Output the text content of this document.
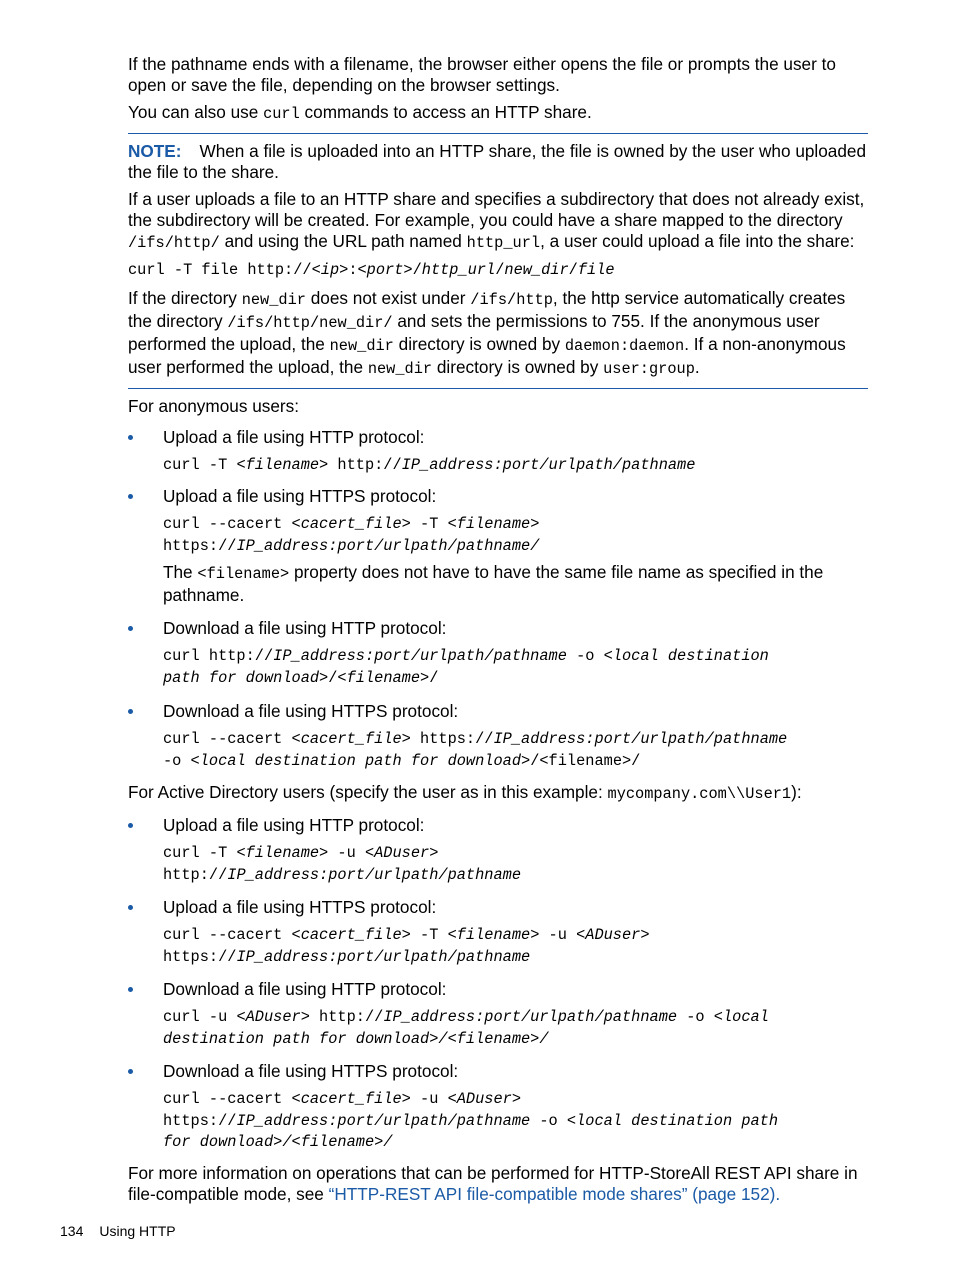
If the pathname ends with a filename, the browser either opens the file or prompts the user to open or save the file, depending on the browser settings.

You can also use curl commands to access an HTTP share.

NOTE: When a file is uploaded into an HTTP share, the file is owned by the user who uploaded the file to the share.

If a user uploads a file to an HTTP share and specifies a subdirectory that does not already exist, the subdirectory will be created. For example, you could have a share mapped to the directory /ifs/http/ and using the URL path named http_url, a user could upload a file into the share:

curl -T file http://<ip>:<port>/http_url/new_dir/file

If the directory new_dir does not exist under /ifs/http, the http service automatically creates the directory /ifs/http/new_dir/ and sets the permissions to 755. If the anonymous user performed the upload, the new_dir directory is owned by daemon:daemon. If a non-anonymous user performed the upload, the new_dir directory is owned by user:group.

For anonymous users:

Upload a file using HTTP protocol:

curl -T <filename> http://IP_address:port/urlpath/pathname

Upload a file using HTTPS protocol:

curl --cacert <cacert_file> -T <filename>
https://IP_address:port/urlpath/pathname/

The <filename> property does not have to have the same file name as specified in the pathname.

Download a file using HTTP protocol:

curl http://IP_address:port/urlpath/pathname -o <local destination
path for download>/<filename>/

Download a file using HTTPS protocol:

curl --cacert <cacert_file> https://IP_address:port/urlpath/pathname
-o <local destination path for download>/<filename>/

For Active Directory users (specify the user as in this example: mycompany.com\\User1):

Upload a file using HTTP protocol:

curl -T <filename> -u <ADuser>
http://IP_address:port/urlpath/pathname

Upload a file using HTTPS protocol:

curl --cacert <cacert_file> -T <filename> -u <ADuser>
https://IP_address:port/urlpath/pathname

Download a file using HTTP protocol:

curl -u <ADuser> http://IP_address:port/urlpath/pathname -o <local
destination path for download>/<filename>/

Download a file using HTTPS protocol:

curl --cacert <cacert_file> -u <ADuser>
https://IP_address:port/urlpath/pathname -o <local destination path
for download>/<filename>/

For more information on operations that can be performed for HTTP-StoreAll REST API share in file-compatible mode, see “HTTP-REST API file-compatible mode shares” (page 152).

134 Using HTTP
